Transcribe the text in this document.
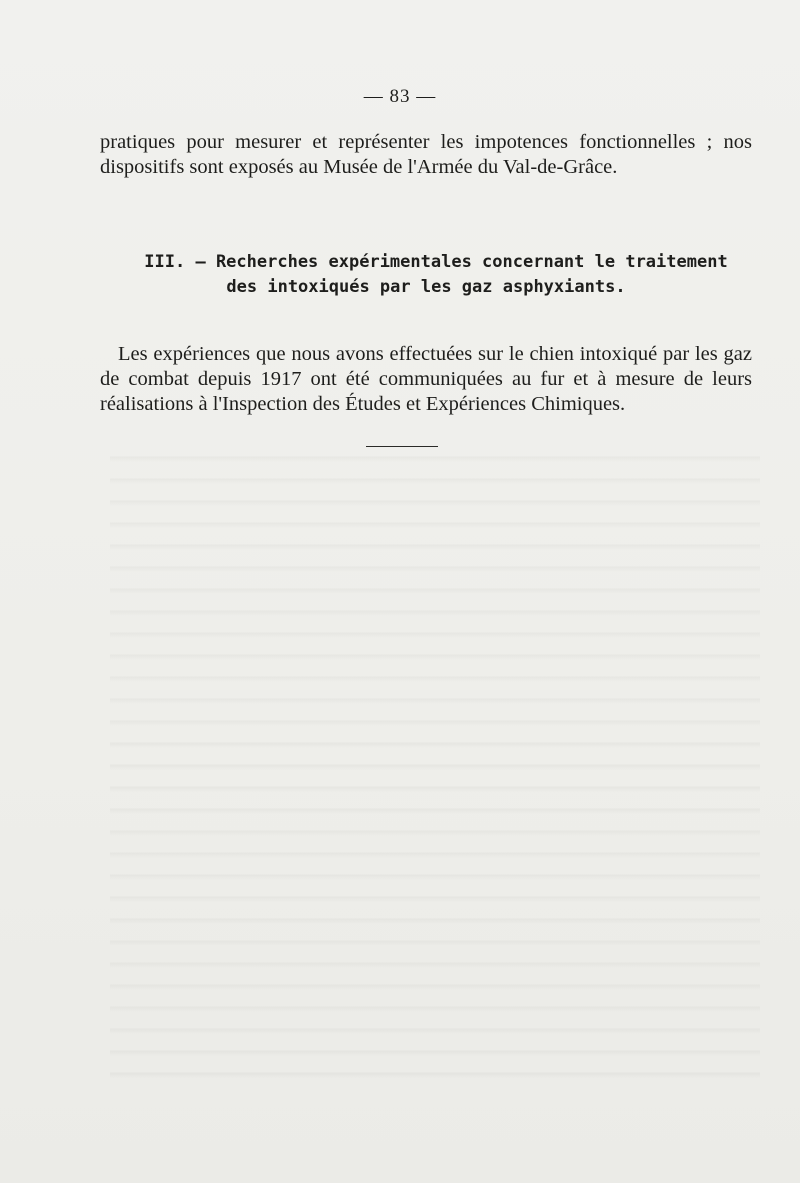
— 83 —
pratiques pour mesurer et représenter les impotences fonctionnelles ; nos dispositifs sont exposés au Musée de l'Armée du Val-de-Grâce.
III. — Recherches expérimentales concernant le traitement
des intoxiqués par les gaz asphyxiants.
Les expériences que nous avons effectuées sur le chien intoxiqué par les gaz de combat depuis 1917 ont été communiquées au fur et à mesure de leurs réalisations à l'Inspection des Études et Expériences Chimiques.
